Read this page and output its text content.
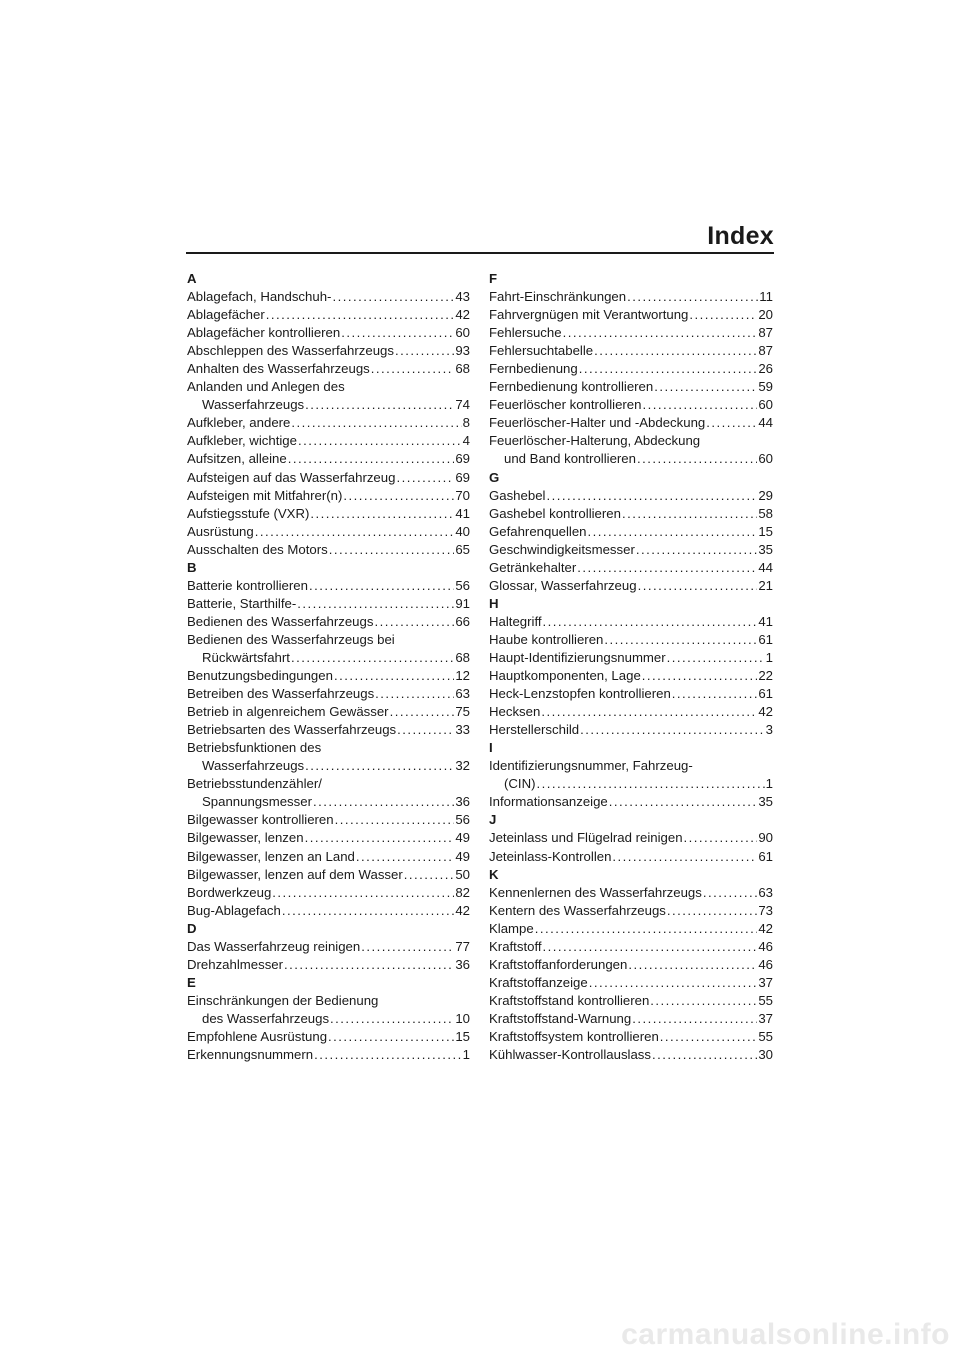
Index
A
Ablagefach, Handschuh- . . .	43
Ablagefächer . . .	42
Ablagefächer kontrollieren . . .	60
Abschleppen des Wasserfahrzeugs . . .	93
Anhalten des Wasserfahrzeugs . . .	68
Anlanden und Anlegen des
Wasserfahrzeugs . . .	74
Aufkleber, andere . . .	8
Aufkleber, wichtige . . .	4
Aufsitzen, alleine . . .	69
Aufsteigen auf das Wasserfahrzeug . . .	69
Aufsteigen mit Mitfahrer(n) . . .	70
Aufstiegsstufe (VXR) . . .	41
Ausrüstung . . .	40
Ausschalten des Motors . . .	65
B
Batterie kontrollieren . . .	56
Batterie, Starthilfe- . . .	91
Bedienen des Wasserfahrzeugs . . .	66
Bedienen des Wasserfahrzeugs bei
Rückwärtsfahrt . . .	68
Benutzungsbedingungen . . .	12
Betreiben des Wasserfahrzeugs . . .	63
Betrieb in algenreichem Gewässer . . .	75
Betriebsarten des Wasserfahrzeugs . . .	33
Betriebsfunktionen des
Wasserfahrzeugs . . .	32
Betriebsstundenzähler/
Spannungsmesser . . .	36
Bilgewasser kontrollieren . . .	56
Bilgewasser, lenzen . . .	49
Bilgewasser, lenzen an Land . . .	49
Bilgewasser, lenzen auf dem Wasser . . .	50
Bordwerkzeug . . .	82
Bug-Ablagefach . . .	42
D
Das Wasserfahrzeug reinigen . . .	77
Drehzahlmesser . . .	36
E
Einschränkungen der Bedienung
des Wasserfahrzeugs . . .	10
Empfohlene Ausrüstung . . .	15
Erkennungsnummern . . .	1
F
Fahrt-Einschränkungen . . .	11
Fahrvergnügen mit Verantwortung . . .	20
Fehlersuche . . .	87
Fehlersuchtabelle . . .	87
Fernbedienung . . .	26
Fernbedienung kontrollieren . . .	59
Feuerlöscher kontrollieren . . .	60
Feuerlöscher-Halter und -Abdeckung . . .	44
Feuerlöscher-Halterung, Abdeckung
und Band kontrollieren . . .	60
G
Gashebel . . .	29
Gashebel kontrollieren . . .	58
Gefahrenquellen . . .	15
Geschwindigkeitsmesser . . .	35
Getränkehalter . . .	44
Glossar, Wasserfahrzeug . . .	21
H
Haltegriff . . .	41
Haube kontrollieren . . .	61
Haupt-Identifizierungsnummer . . .	1
Hauptkomponenten, Lage . . .	22
Heck-Lenzstopfen kontrollieren . . .	61
Hecksen . . .	42
Herstellerschild . . .	3
I
Identifizierungsnummer, Fahrzeug-
(CIN) . . .	1
Informationsanzeige . . .	35
J
Jeteinlass und Flügelrad reinigen . . .	90
Jeteinlass-Kontrollen . . .	61
K
Kennenlernen des Wasserfahrzeugs . . .	63
Kentern des Wasserfahrzeugs . . .	73
Klampe . . .	42
Kraftstoff . . .	46
Kraftstoffanforderungen . . .	46
Kraftstoffanzeige . . .	37
Kraftstoffstand kontrollieren . . .	55
Kraftstoffstand-Warnung . . .	37
Kraftstoffsystem kontrollieren . . .	55
Kühlwasser-Kontrollauslass . . .	30
carmanualsonline.info
